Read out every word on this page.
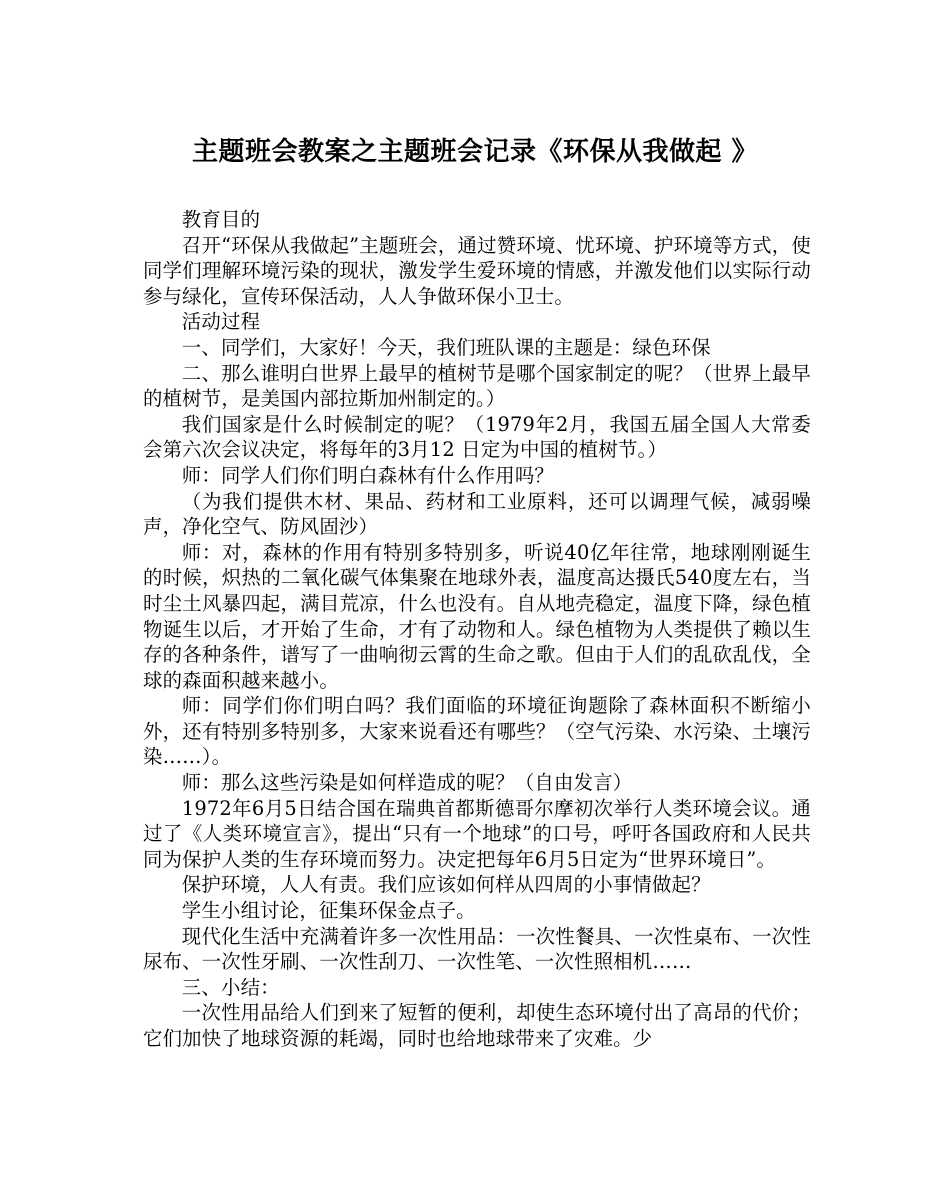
主题班会教案之主题班会记录《环保从我做起 》

教育目的

召开“环保从我做起”主题班会，通过赞环境、忧环境、护环境等方式，使同学们理解环境污染的现状，激发学生爱环境的情感，并激发他们以实际行动参与绿化，宣传环保活动，人人争做环保小卫士。

活动过程

一、同学们，大家好！今天，我们班队课的主题是：绿色环保

二、那么谁明白世界上最早的植树节是哪个国家制定的呢？（世界上最早的植树节，是美国内部拉斯加州制定的。）

我们国家是什么时候制定的呢？（1979年2月，我国五届全国人大常委会第六次会议决定，将每年的3月12 日定为中国的植树节。）

师：同学人们你们明白森林有什么作用吗？

（为我们提供木材、果品、药材和工业原料，还可以调理气候，减弱噪声，净化空气、防风固沙）

师：对，森林的作用有特别多特别多，听说40亿年往常，地球刚刚诞生的时候，炽热的二氧化碳气体集聚在地球外表，温度高达摄氏540度左右，当时尘土风暴四起，满目荒凉，什么也没有。自从地壳稳定，温度下降，绿色植物诞生以后，才开始了生命，才有了动物和人。绿色植物为人类提供了赖以生存的各种条件，谱写了一曲响彻云霄的生命之歌。但由于人们的乱砍乱伐，全球的森面积越来越小。

师：同学们你们明白吗？我们面临的环境征询题除了森林面积不断缩小外，还有特别多特别多，大家来说看还有哪些？（空气污染、水污染、土壤污染……）。

师：那么这些污染是如何样造成的呢？（自由发言）

1972年6月5日结合国在瑞典首都斯德哥尔摩初次举行人类环境会议。通过了《人类环境宣言》，提出“只有一个地球”的口号，呼吁各国政府和人民共同为保护人类的生存环境而努力。决定把每年6月5日定为“世界环境日”。

保护环境，人人有责。我们应该如何样从四周的小事情做起？

学生小组讨论，征集环保金点子。

现代化生活中充满着许多一次性用品：一次性餐具、一次性桌布、一次性尿布、一次性牙刷、一次性刮刀、一次性笔、一次性照相机……

三、小结：

一次性用品给人们到来了短暂的便利，却使生态环境付出了高昂的代价；它们加快了地球资源的耗竭，同时也给地球带来了灾难。少
